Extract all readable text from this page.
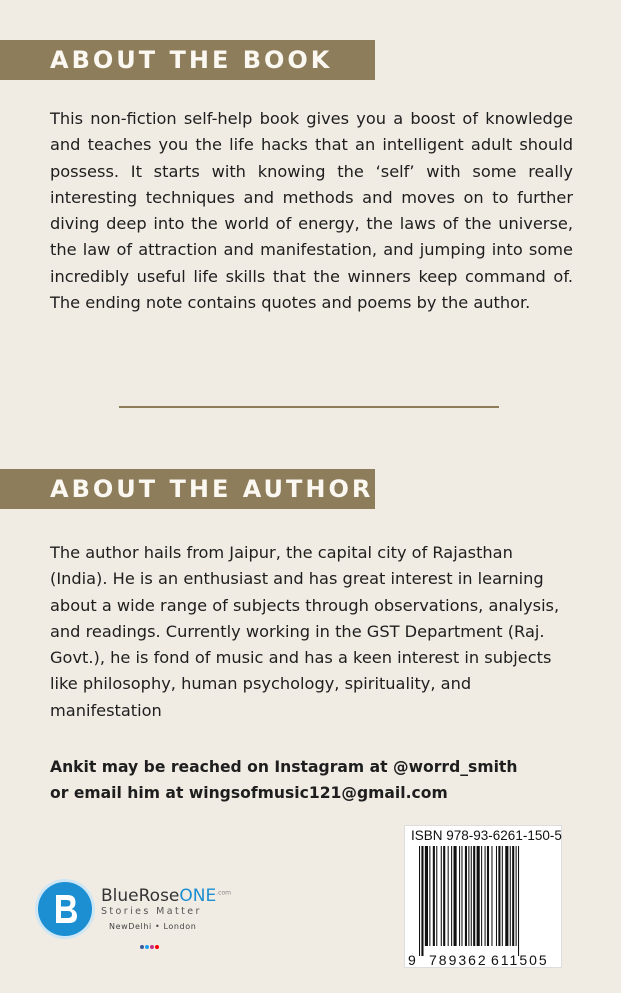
ABOUT THE BOOK

This non-fiction self-help book gives you a boost of knowledge and teaches you the life hacks that an intelligent adult should possess. It starts with knowing the ‘self’ with some really interesting techniques and methods and moves on to further diving deep into the world of energy, the laws of the universe, the law of attraction and manifestation, and jumping into some incredibly useful life skills that the winners keep command of. The ending note contains quotes and poems by the author.

ABOUT THE AUTHOR

The author hails from Jaipur, the capital city of Rajasthan (India). He is an enthusiast and has great interest in learning about a wide range of subjects through observations, analysis, and readings. Currently working in the GST Department (Raj. Govt.), he is fond of music and has a keen interest in subjects like philosophy, human psychology, spirituality, and manifestation

Ankit may be reached on Instagram at @worrd_smith

or email him at wingsofmusic121@gmail.com

BlueRoseONE$^{.com}$
Stories Matter
NewDelhi • London
ISBN 978-93-6261-150-5
9 789362 611505
